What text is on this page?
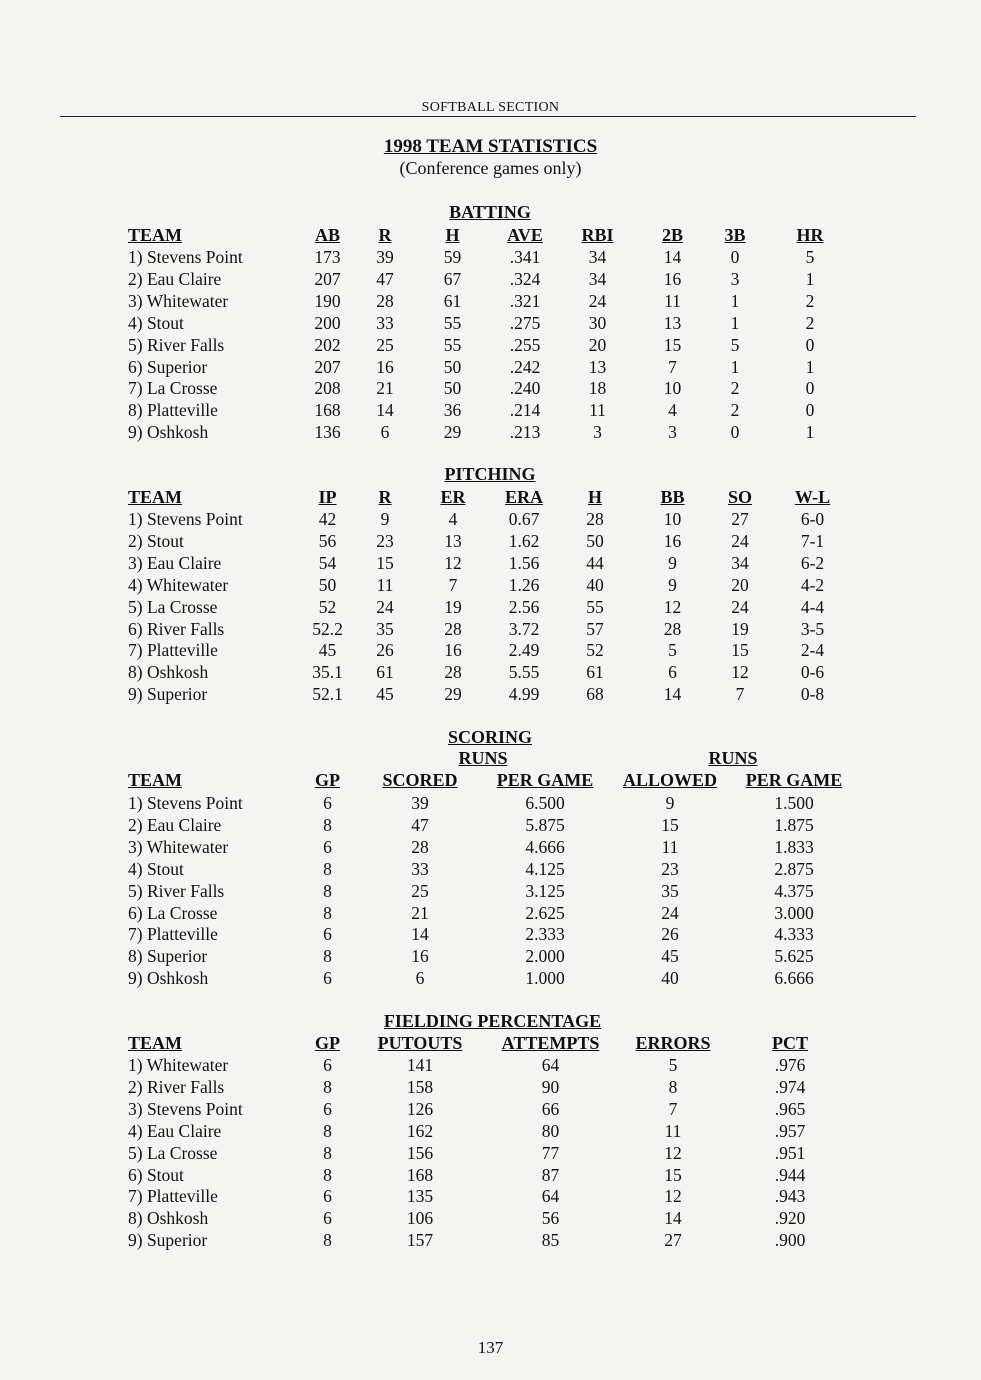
SOFTBALL SECTION
1998 TEAM STATISTICS
(Conference games only)
BATTING
TEAM	AB	R	H	AVE	RBI	2B	3B	HR
1) Stevens Point	173	39	59	.341	34	14	0	5
2) Eau Claire	207	47	67	.324	34	16	3	1
3) Whitewater	190	28	61	.321	24	11	1	2
4) Stout	200	33	55	.275	30	13	1	2
5) River Falls	202	25	55	.255	20	15	5	0
6) Superior	207	16	50	.242	13	7	1	1
7) La Crosse	208	21	50	.240	18	10	2	0
8) Platteville	168	14	36	.214	11	4	2	0
9) Oshkosh	136	6	29	.213	3	3	0	1
PITCHING
TEAM	IP	R	ER	ERA	H	BB	SO	W-L
1) Stevens Point	42	9	4	0.67	28	10	27	6-0
2) Stout	56	23	13	1.62	50	16	24	7-1
3) Eau Claire	54	15	12	1.56	44	9	34	6-2
4) Whitewater	50	11	7	1.26	40	9	20	4-2
5) La Crosse	52	24	19	2.56	55	12	24	4-4
6) River Falls	52.2	35	28	3.72	57	28	19	3-5
7) Platteville	45	26	16	2.49	52	5	15	2-4
8) Oshkosh	35.1	61	28	5.55	61	6	12	0-6
9) Superior	52.1	45	29	4.99	68	14	7	0-8
SCORING
RUNS	RUNS
TEAM	GP	SCORED	PER GAME	ALLOWED	PER GAME
1) Stevens Point	6	39	6.500	9	1.500
2) Eau Claire	8	47	5.875	15	1.875
3) Whitewater	6	28	4.666	11	1.833
4) Stout	8	33	4.125	23	2.875
5) River Falls	8	25	3.125	35	4.375
6) La Crosse	8	21	2.625	24	3.000
7) Platteville	6	14	2.333	26	4.333
8) Superior	8	16	2.000	45	5.625
9) Oshkosh	6	6	1.000	40	6.666
FIELDING PERCENTAGE
TEAM	GP	PUTOUTS	ATTEMPTS	ERRORS	PCT
1) Whitewater	6	141	64	5	.976
2) River Falls	8	158	90	8	.974
3) Stevens Point	6	126	66	7	.965
4) Eau Claire	8	162	80	11	.957
5) La Crosse	8	156	77	12	.951
6) Stout	8	168	87	15	.944
7) Platteville	6	135	64	12	.943
8) Oshkosh	6	106	56	14	.920
9) Superior	8	157	85	27	.900
137
